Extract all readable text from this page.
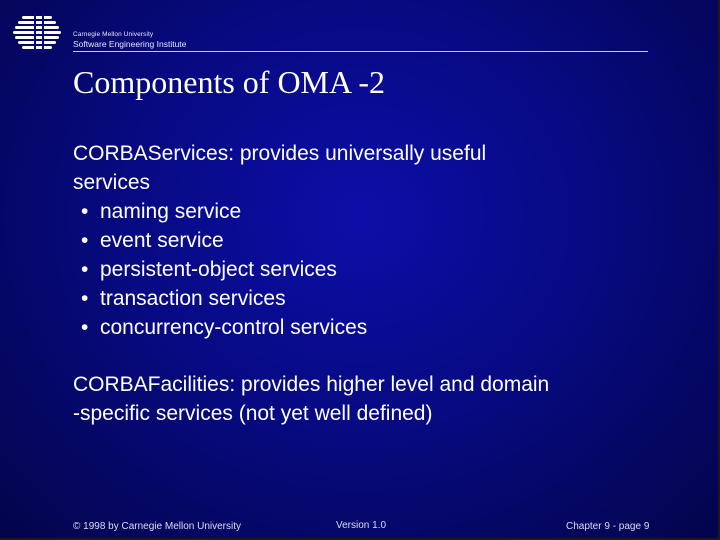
Carnegie Mellon University
Software Engineering Institute
Components of OMA -2
CORBAServices: provides universally useful
services
• naming service
• event service
• persistent-object services
• transaction services
• concurrency-control services
CORBAFacilities: provides higher level and domain
-specific services (not yet well defined)
© 1998 by Carnegie Mellon University	Version 1.0	Chapter 9 - page 9
